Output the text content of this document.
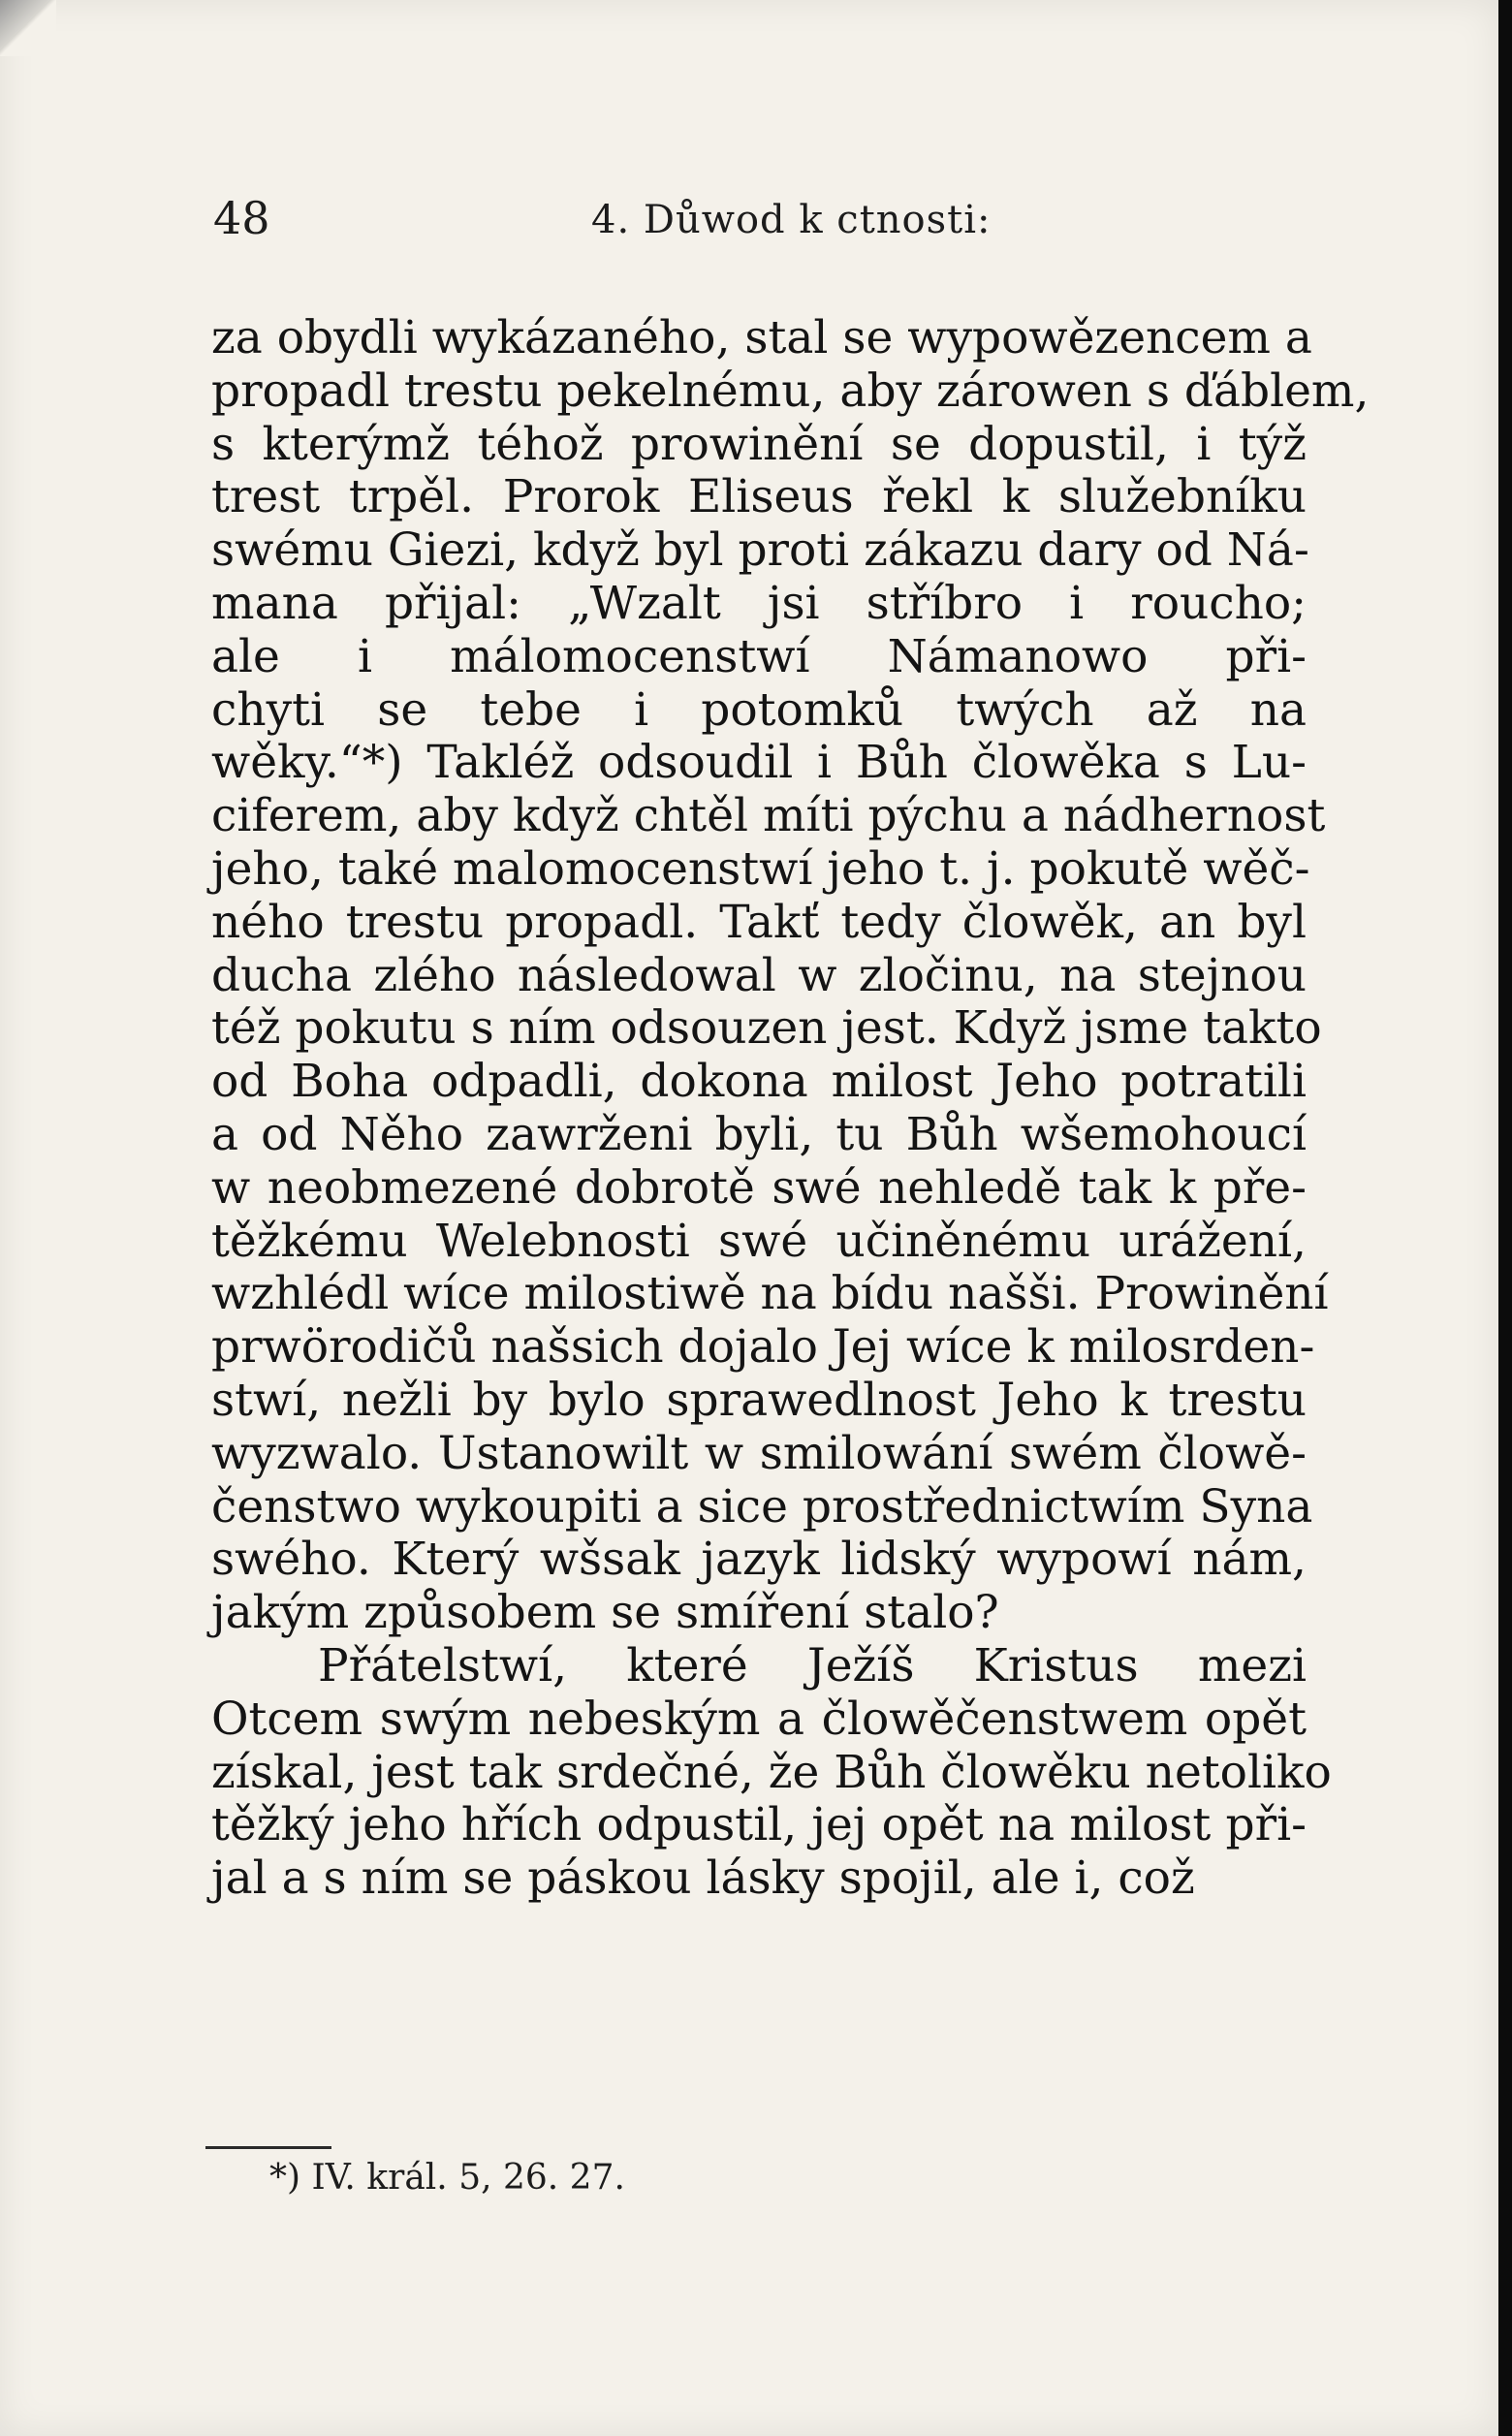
48	4. Důwod k ctnosti:
za obydli wykázaného, stal se wypowězencem a
propadl trestu pekelnému, aby zárowen s ďáblem,
s kterýmž téhož prowinění se dopustil, i týž
trest trpěl. Prorok Eliseus řekl k služebníku
swému Giezi, když byl proti zákazu dary od Ná-
mana přijal: „Wzalt jsi stříbro i roucho;
ale i málomocenstwí Námanowo při-
chyti se tebe i potomků twých až na
wěky.“*) Takléž odsoudil i Bůh člowěka s Lu-
ciferem, aby když chtěl míti pýchu a nádhernost
jeho, také malomocenstwí jeho t. j. pokutě wěč-
ného trestu propadl. Takť tedy člowěk, an byl
ducha zlého následowal w zločinu, na stejnou
též pokutu s ním odsouzen jest. Když jsme takto
od Boha odpadli, dokona milost Jeho potratili
a od Něho zawrženi byli, tu Bůh wšemohoucí
w neobmezené dobrotě swé nehledě tak k pře-
těžkému Welebnosti swé učiněnému urážení,
wzhlédl wíce milostiwě na bídu našši. Prowinění
prwörodičů našsich dojalo Jej wíce k milosrden-
stwí, nežli by bylo sprawedlnost Jeho k trestu
wyzwalo. Ustanowilt w smilowání swém člowě-
čenstwo wykoupiti a sice prostřednictwím Syna
swého. Který wšsak jazyk lidský wypowí nám,
jakým způsobem se smíření stalo?
Přátelstwí, které Ježíš Kristus mezi
Otcem swým nebeským a člowěčenstwem opět
získal, jest tak srdečné, že Bůh člowěku netoliko
těžký jeho hřích odpustil, jej opět na milost při-
jal a s ním se páskou lásky spojil, ale i, což
*) IV. král. 5, 26. 27.
